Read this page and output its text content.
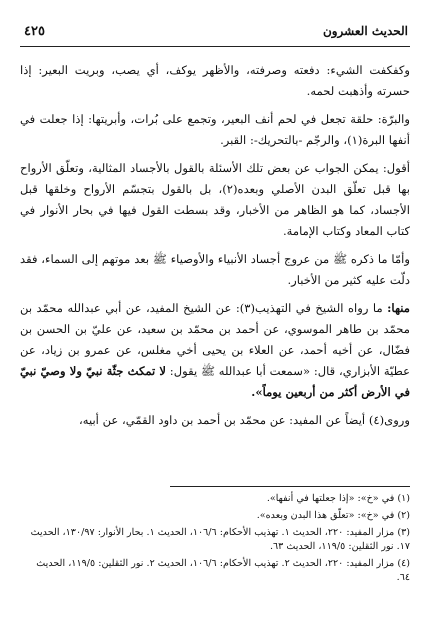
الحديث العشرون
٤٢٥

وكفكفت الشيء: دفعته وصرفته، والأظهر يوكف، أي يصب، وبريت البعير: إذا حسرته وأذهبت لحمه.

والبرّة: حلقة تجعل في لحم أنف البعير، وتجمع على بُرات، وأبريتها: إذا جعلت في أنفها البرة(١)، والرجّم -بالتحريك-: القبر.

أقول: يمكن الجواب عن بعض تلك الأسئلة بالقول بالأجساد المثالية، وتعلّق الأرواح بها قبل تعلّق البدن الأصلي وبعده(٢)، بل بالقول بتجسّم الأرواح وخلقها قبل الأجساد، كما هو الظاهر من الأخبار، وقد بسطت القول فيها في بحار الأنوار في كتاب المعاد وكتاب الإمامة.

وأمّا ما ذكره ﷺ من عروج أجساد الأنبياء والأوصياء ﷺ بعد موتهم إلى السماء، فقد دلّت عليه كثير من الأخبار.

منها: ما رواه الشيخ في التهذيب(٣): عن الشيخ المفيد، عن أبي عبدالله محمّد بن محمّد بن طاهر الموسوي، عن أحمد بن محمّد بن سعيد، عن عليّ بن الحسن بن فضّال، عن أخيه أحمد، عن العلاء بن يحيى أخي مغلس، عن عمرو بن زياد، عن عطيّة الأبزاري، قال: «سمعت أبا عبدالله ﷺ يقول: لا تمكث جثّة نبيّ ولا وصيّ نبيّ في الأرض أكثر من أربعين يوماً».

وروى(٤) أيضاً عن المفيد: عن محمّد بن أحمد بن داود القمّي، عن أبيه،

(١) في «خ»: «إذا جعلتها في أنفها».

(٢) في «خ»: «تعلّق هذا البدن وبعده».

(٣) مزار المفيد: ٢٢٠، الحديث ١. تهذيب الأحكام: ١٠٦/٦، الحديث ١. بحار الأنوار: ١٣٠/٩٧، الحديث ١٧. نور الثقلين: ١١٩/٥، الحديث ٦٣.

(٤) مزار المفيد: ٢٢٠، الحديث ٢. تهذيب الأحكام: ١٠٦/٦، الحديث ٢. نور الثقلين: ١١٩/٥، الحديث ٦٤.
